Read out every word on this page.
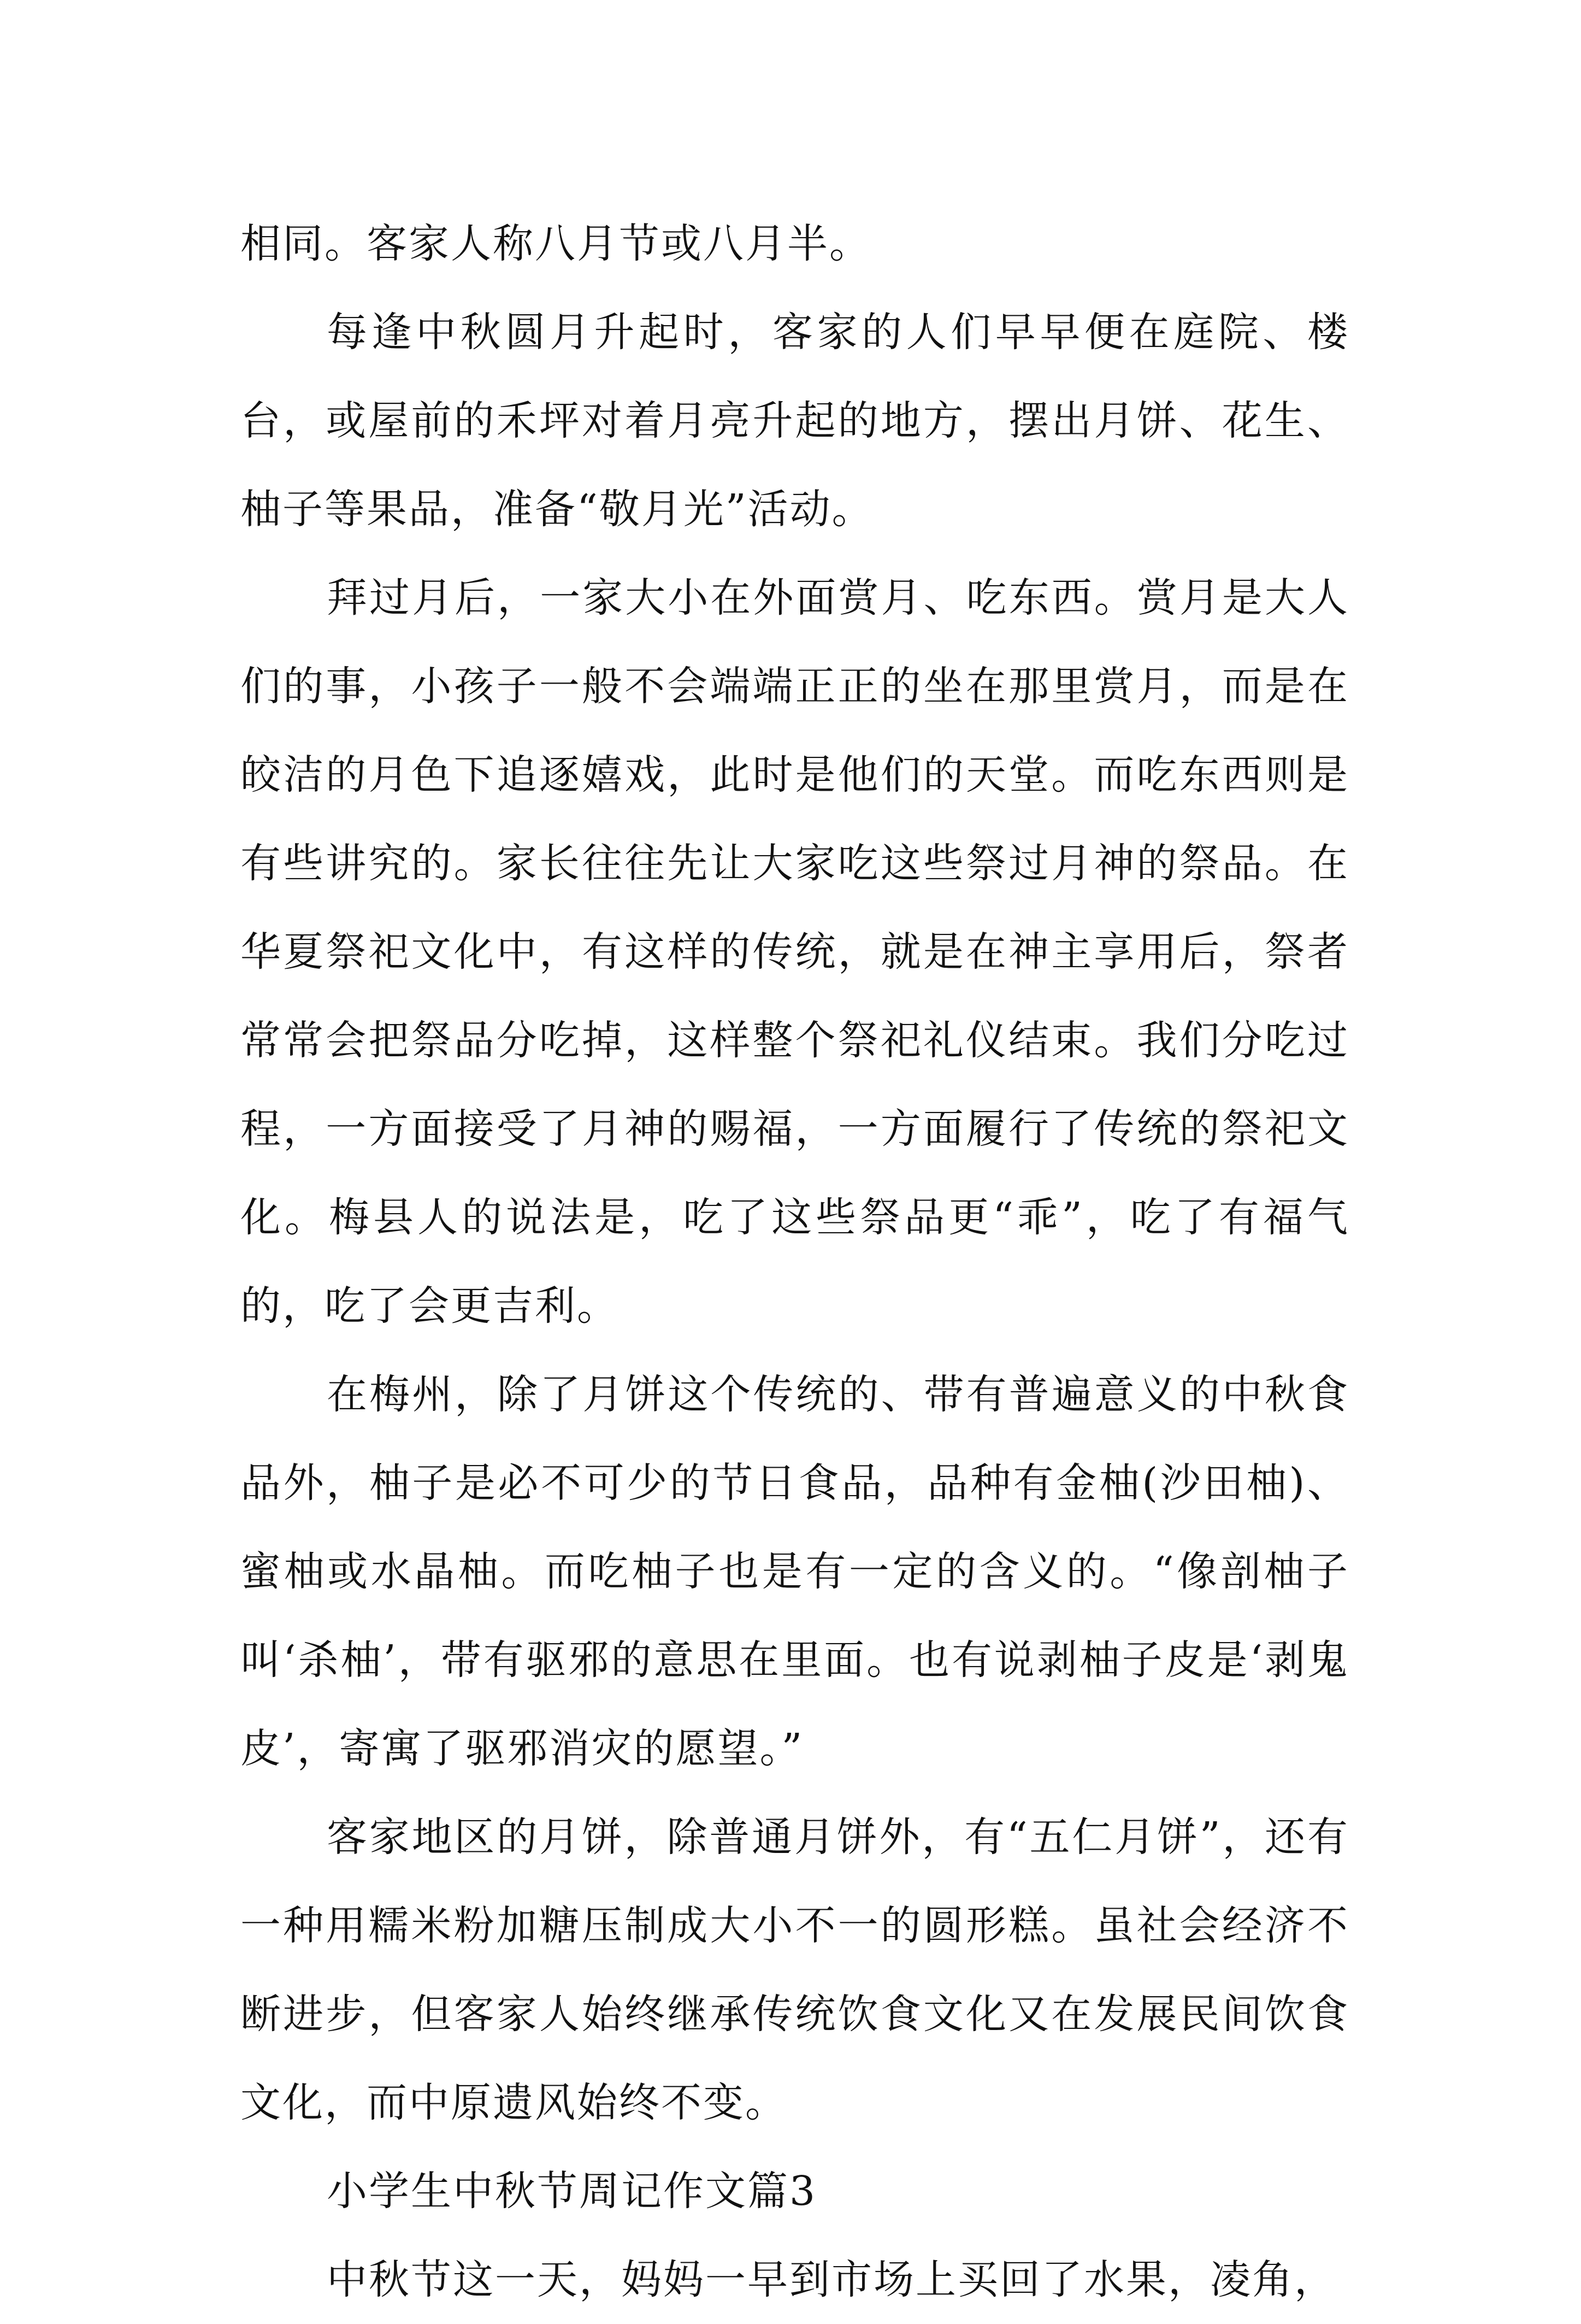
相同。客家人称八月节或八月半。

每逢中秋圆月升起时，客家的人们早早便在庭院、楼台，或屋前的禾坪对着月亮升起的地方，摆出月饼、花生、柚子等果品，准备“敬月光”活动。

拜过月后，一家大小在外面赏月、吃东西。赏月是大人们的事，小孩子一般不会端端正正的坐在那里赏月，而是在皎洁的月色下追逐嬉戏，此时是他们的天堂。而吃东西则是有些讲究的。家长往往先让大家吃这些祭过月神的祭品。在华夏祭祀文化中，有这样的传统，就是在神主享用后，祭者常常会把祭品分吃掉，这样整个祭祀礼仪结束。我们分吃过程，一方面接受了月神的赐福，一方面履行了传统的祭祀文化。梅县人的说法是，吃了这些祭品更“乖”，吃了有福气的，吃了会更吉利。

在梅州，除了月饼这个传统的、带有普遍意义的中秋食品外，柚子是必不可少的节日食品，品种有金柚(沙田柚)、蜜柚或水晶柚。而吃柚子也是有一定的含义的。“像剖柚子叫‘杀柚’，带有驱邪的意思在里面。也有说剥柚子皮是‘剥鬼皮’，寄寓了驱邪消灾的愿望。”

客家地区的月饼，除普通月饼外，有“五仁月饼”，还有一种用糯米粉加糖压制成大小不一的圆形糕。虽社会经济不断进步，但客家人始终继承传统饮食文化又在发展民间饮食文化，而中原遗风始终不变。

小学生中秋节周记作文篇3

中秋节这一天，妈妈一早到市场上买回了水果，凌角，
